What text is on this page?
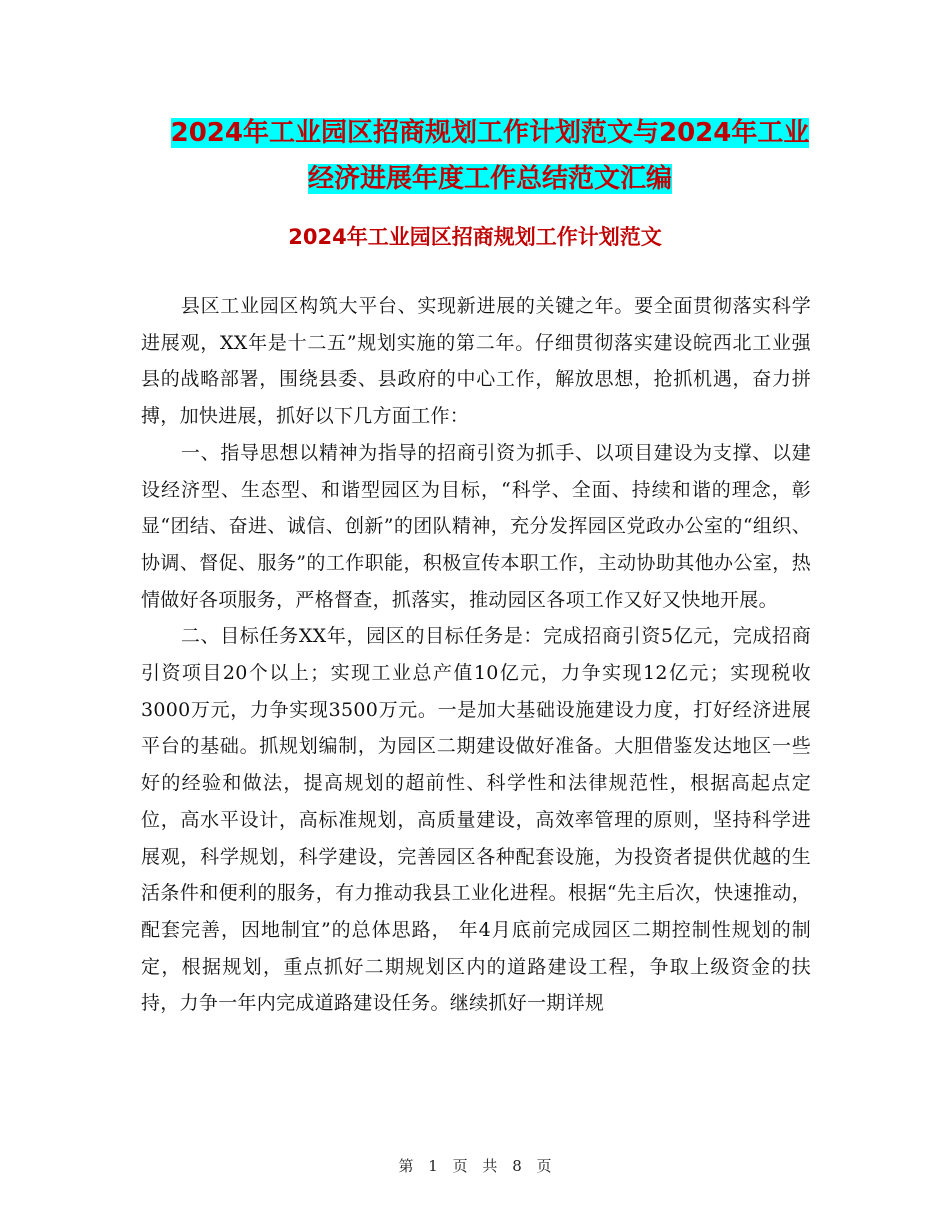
2024年工业园区招商规划工作计划范文与2024年工业
经济进展年度工作总结范文汇编
2024年工业园区招商规划工作计划范文

县区工业园区构筑大平台、实现新进展的关键之年。要全面贯彻落实科学进展观，XX年是十二五”规划实施的第二年。仔细贯彻落实建设皖西北工业强县的战略部署，围绕县委、县政府的中心工作，解放思想，抢抓机遇，奋力拼搏，加快进展，抓好以下几方面工作：

一、指导思想以精神为指导的招商引资为抓手、以项目建设为支撑、以建设经济型、生态型、和谐型园区为目标，“科学、全面、持续和谐的理念，彰显“团结、奋进、诚信、创新”的团队精神，充分发挥园区党政办公室的“组织、协调、督促、服务”的工作职能，积极宣传本职工作，主动协助其他办公室，热情做好各项服务，严格督查，抓落实，推动园区各项工作又好又快地开展。

二、目标任务XX年，园区的目标任务是：完成招商引资5亿元，完成招商引资项目20个以上；实现工业总产值10亿元，力争实现12亿元；实现税收3000万元，力争实现3500万元。一是加大基础设施建设力度，打好经济进展平台的基础。抓规划编制，为园区二期建设做好准备。大胆借鉴发达地区一些好的经验和做法，提高规划的超前性、科学性和法律规范性，根据高起点定位，高水平设计，高标准规划，高质量建设，高效率管理的原则，坚持科学进展观，科学规划，科学建设，完善园区各种配套设施，为投资者提供优越的生活条件和便利的服务，有力推动我县工业化进程。根据“先主后次，快速推动，配套完善，因地制宜”的总体思路， 年4月底前完成园区二期控制性规划的制定，根据规划，重点抓好二期规划区内的道路建设工程，争取上级资金的扶持，力争一年内完成道路建设任务。继续抓好一期详规

第 1 页 共 8 页
